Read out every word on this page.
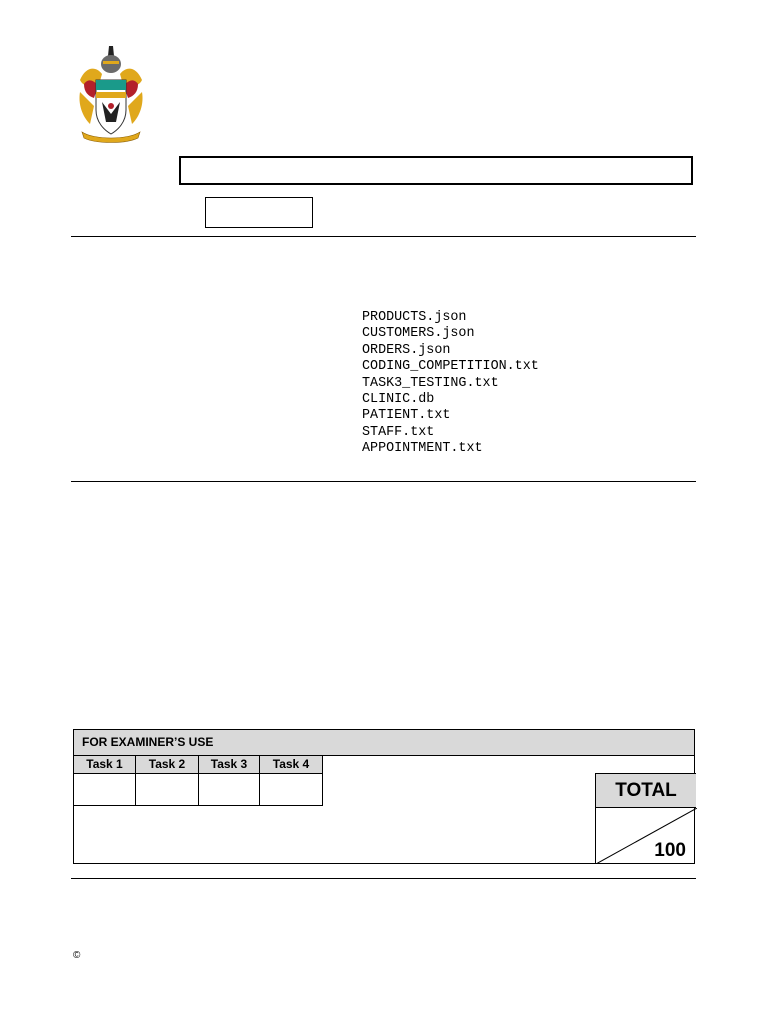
PRODUCTS.json
CUSTOMERS.json
ORDERS.json
CODING_COMPETITION.txt
TASK3_TESTING.txt
CLINIC.db
PATIENT.txt
STAFF.txt
APPOINTMENT.txt
FOR EXAMINER’S USE
Task 1	Task 2	Task 3	Task 4
TOTAL
100
©
